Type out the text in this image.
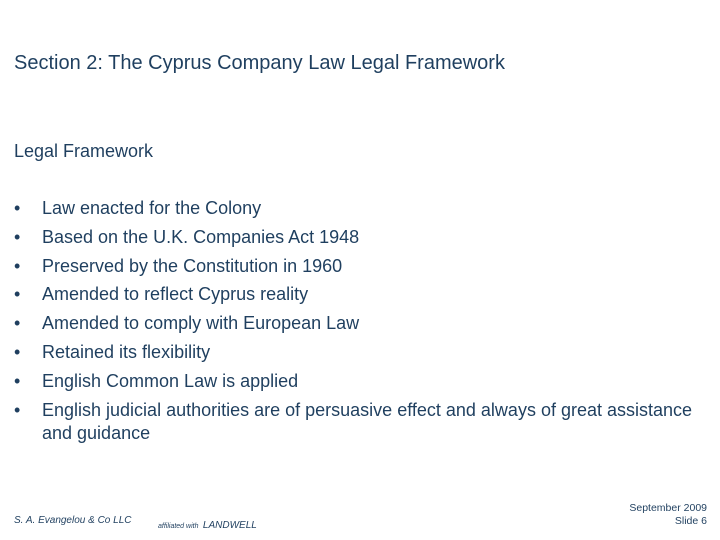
Section 2: The Cyprus Company Law Legal Framework
Legal Framework
•	Law enacted for the Colony
•	Based on the U.K. Companies Act 1948
•	Preserved by the Constitution in 1960
•	Amended to reflect Cyprus reality
•	Amended to comply with European Law
•	Retained its flexibility
•	English Common Law is applied
•	English judicial authorities are of persuasive effect and always of great assistance and guidance
S. A. Evangelou & Co LLC
affiliated with LANDWELL
September 2009
Slide 6
